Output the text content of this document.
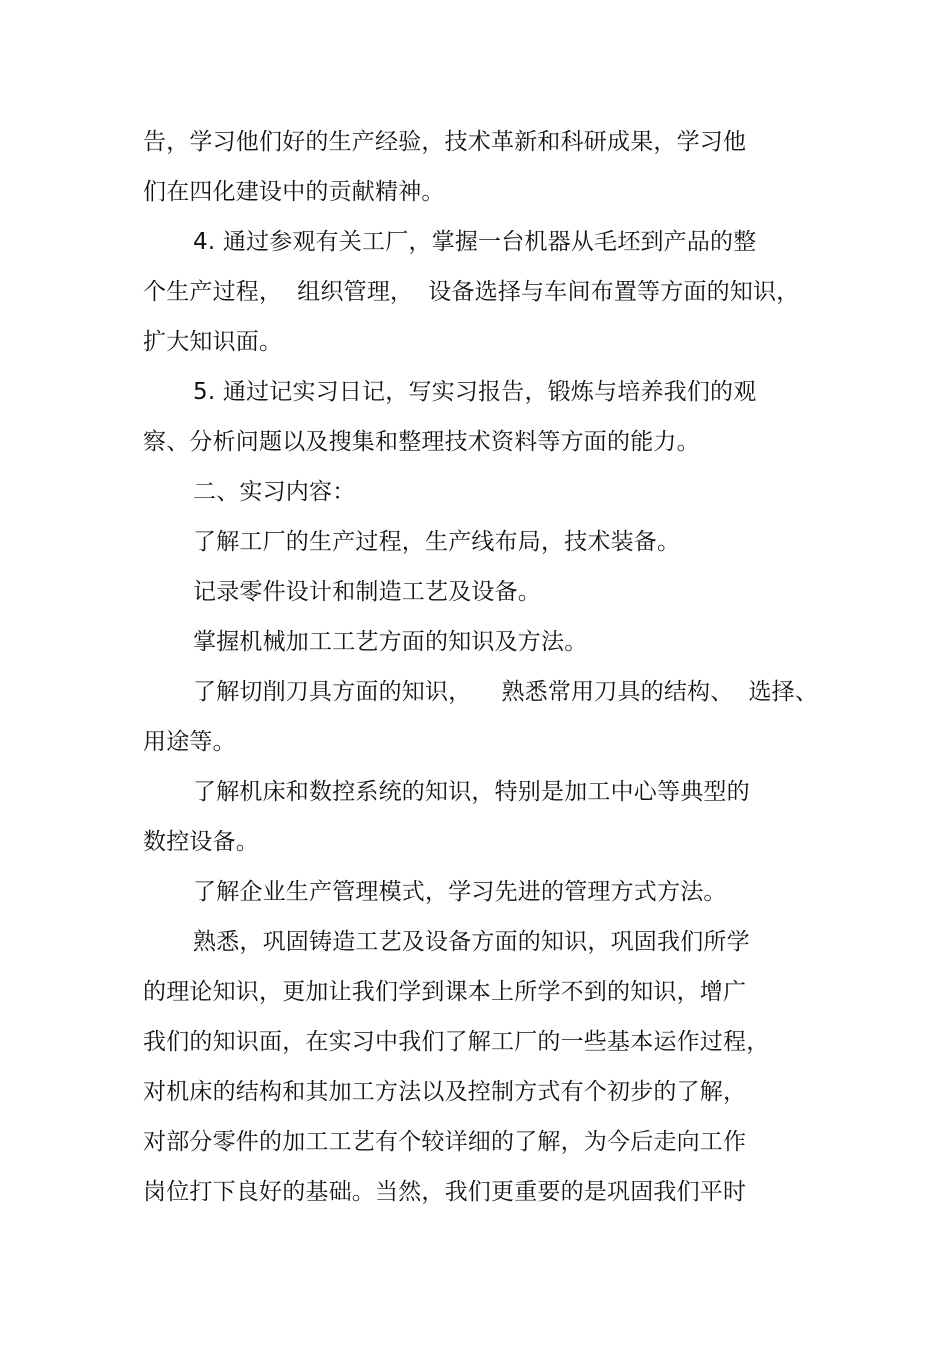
告，学习他们好的生产经验，技术革新和科研成果，学习他
们在四化建设中的贡献精神。
4. 通过参观有关工厂，掌握一台机器从毛坯到产品的整
个生产过程，  组织管理，  设备选择与车间布置等方面的知识，
扩大知识面。
5. 通过记实习日记，写实习报告，锻炼与培养我们的观
察、分析问题以及搜集和整理技术资料等方面的能力。
二、实习内容：
了解工厂的生产过程，生产线布局，技术装备。
记录零件设计和制造工艺及设备。
掌握机械加工工艺方面的知识及方法。
了解切削刀具方面的知识，    熟悉常用刀具的结构、  选择、
用途等。
了解机床和数控系统的知识，特别是加工中心等典型的
数控设备。
了解企业生产管理模式，学习先进的管理方式方法。
熟悉，巩固铸造工艺及设备方面的知识，巩固我们所学
的理论知识，更加让我们学到课本上所学不到的知识，增广
我们的知识面，在实习中我们了解工厂的一些基本运作过程，
对机床的结构和其加工方法以及控制方式有个初步的了解，
对部分零件的加工工艺有个较详细的了解，为今后走向工作
岗位打下良好的基础。当然，我们更重要的是巩固我们平时
